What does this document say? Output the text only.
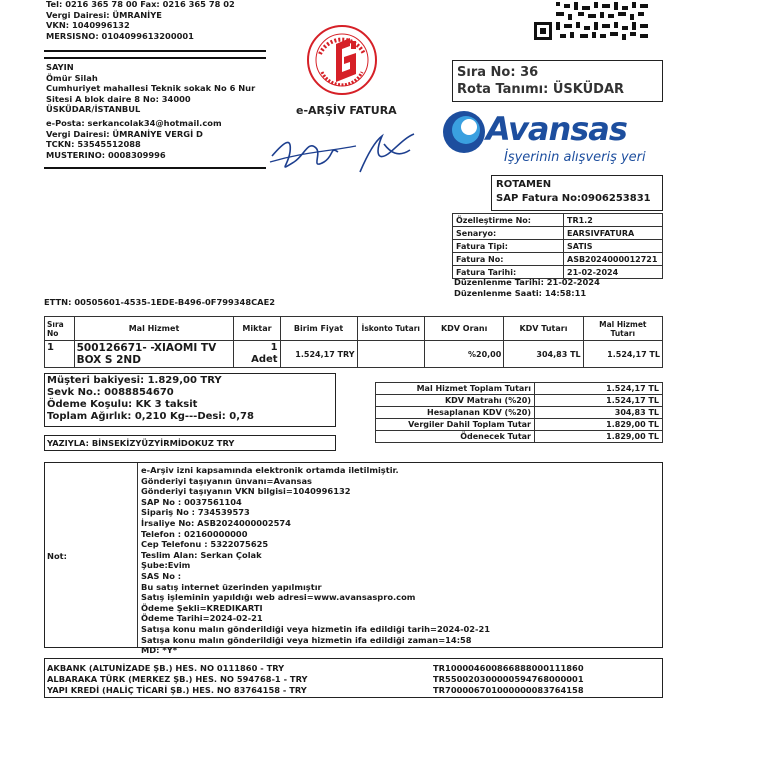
Tel: 0216 365 78 00 Fax: 0216 365 78 02
Vergi Dairesi: ÜMRANİYE
VKN: 1040996132
MERSISNO: 0104099613200001
SAYIN
Ömür Silah
Cumhuriyet mahallesi Teknik sokak No 6 Nur
Sitesi A blok daire 8 No: 34000
ÜSKÜDAR/İSTANBUL
e-Posta: serkancolak34@hotmail.com
Vergi Dairesi: ÜMRANİYE VERGİ D
TCKN: 53545512088
MUSTERINO: 0008309996
e-ARŞİV FATURA
Sıra No: 36
Rota Tanımı: ÜSKÜDAR
Avansas
İşyerinin alışveriş yeri
ROTAMEN
SAP Fatura No:0906253831
Özelleştirme No:	TR1.2
Senaryo:	EARSIVFATURA
Fatura Tipi:	SATIS
Fatura No:	ASB2024000012721
Fatura Tarihi:	21-02-2024
Düzenlenme Tarihi: 21-02-2024
Düzenlenme Saati: 14:58:11
ETTN: 00505601-4535-1EDE-B496-0F799348CAE2
Sıra No	Mal Hizmet	Miktar	Birim Fiyat	İskonto Tutarı	KDV Oranı	KDV Tutarı	Mal Hizmet Tutarı
1	500126671- -XIAOMI TV BOX S 2ND	1
Adet	1.524,17 TRY		%20,00	304,83 TL	1.524,17 TL
Müşteri bakiyesi: 1.829,00 TRY
Sevk No.: 0088854670
Ödeme Koşulu: KK 3 taksit
Toplam Ağırlık: 0,210 Kg---Desi: 0,78
YAZIYLA: BİNSEKİZYÜZYİRMİDOKUZ TRY
Mal Hizmet Toplam Tutarı	1.524,17 TL
KDV Matrahı (%20)	1.524,17 TL
Hesaplanan KDV (%20)	304,83 TL
Vergiler Dahil Toplam Tutar	1.829,00 TL
Ödenecek Tutar	1.829,00 TL
Not:
e-Arşiv izni kapsamında elektronik ortamda iletilmiştir.
Gönderiyi taşıyanın ünvanı=Avansas
Gönderiyi taşıyanın VKN bilgisi=1040996132
SAP No : 0037561104
Sipariş No : 734539573
İrsaliye No: ASB2024000002574
Telefon : 02160000000
Cep Telefonu : 5322075625
Teslim Alan: Serkan Çolak
Şube:Evim
SAS No :
Bu satış internet üzerinden yapılmıştır
Satış işleminin yapıldığı web adresi=www.avansaspro.com
Ödeme Şekli=KREDIKARTI
Ödeme Tarihi=2024-02-21
Satışa konu malın gönderildiği veya hizmetin ifa edildiği tarih=2024-02-21
Satışa konu malın gönderildiği veya hizmetin ifa edildiği zaman=14:58
MD: *Y*
AKBANK (ALTUNİZADE ŞB.) HES. NO 0111860 - TRY	TR100004600866888000111860
ALBARAKA TÜRK (MERKEZ ŞB.) HES. NO 594768-1 - TRY	TR550020300000594768000001
YAPI KREDİ (HALİÇ TİCARİ ŞB.) HES. NO 83764158 - TRY	TR700006701000000083764158
